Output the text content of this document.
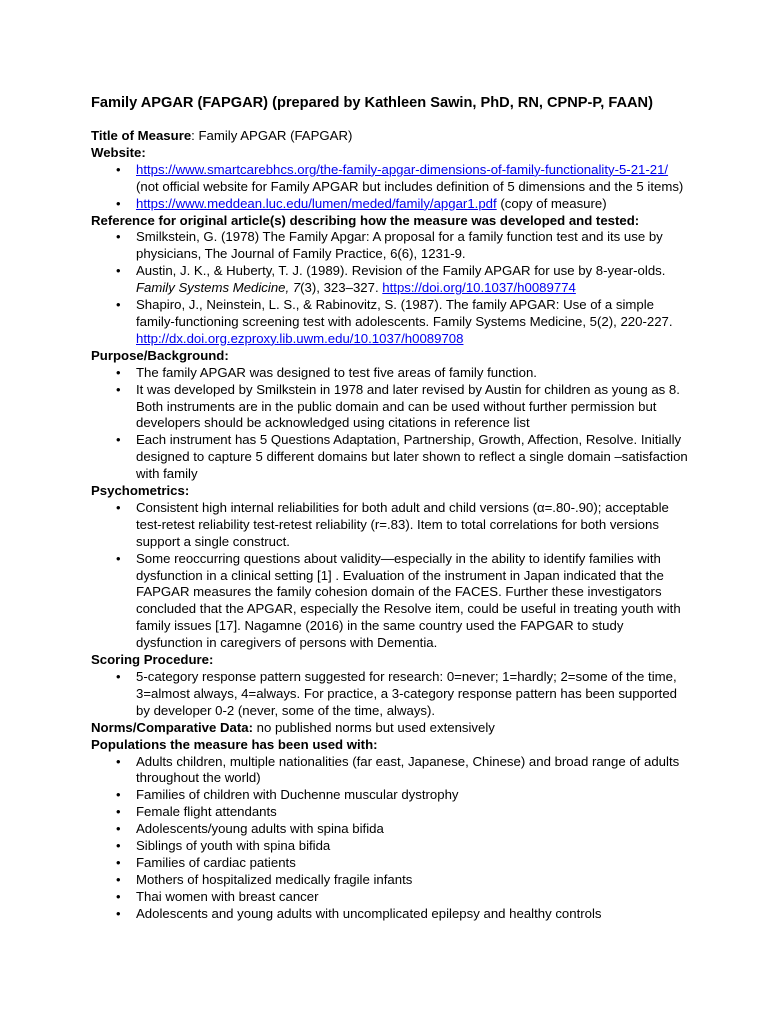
Family APGAR (FAPGAR) (prepared by Kathleen Sawin, PhD, RN, CPNP-P, FAAN)

Title of Measure: Family APGAR (FAPGAR)

Website:

• https://www.smartcarebhcs.org/the-family-apgar-dimensions-of-family-functionality-5-21-21/ (not official website for Family APGAR but includes definition of 5 dimensions and the 5 items)
• https://www.meddean.luc.edu/lumen/meded/family/apgar1.pdf (copy of measure)

Reference for original article(s) describing how the measure was developed and tested:

• Smilkstein, G. (1978) The Family Apgar: A proposal for a family function test and its use by physicians, The Journal of Family Practice, 6(6), 1231-9.
• Austin, J. K., & Huberty, T. J. (1989). Revision of the Family APGAR for use by 8-year-olds. Family Systems Medicine, 7(3), 323–327. https://doi.org/10.1037/h0089774
• Shapiro, J., Neinstein, L. S., & Rabinovitz, S. (1987). The family APGAR: Use of a simple family-functioning screening test with adolescents. Family Systems Medicine, 5(2), 220-227. http://dx.doi.org.ezproxy.lib.uwm.edu/10.1037/h0089708

Purpose/Background:

• The family APGAR was designed to test five areas of family function.
• It was developed by Smilkstein in 1978 and later revised by Austin for children as young as 8. Both instruments are in the public domain and can be used without further permission but developers should be acknowledged using citations in reference list
• Each instrument has 5 Questions Adaptation, Partnership, Growth, Affection, Resolve. Initially designed to capture 5 different domains but later shown to reflect a single domain –satisfaction with family

Psychometrics:

• Consistent high internal reliabilities for both adult and child versions (α=.80-.90); acceptable test-retest reliability test-retest reliability (r=.83). Item to total correlations for both versions support a single construct.
• Some reoccurring questions about validity—especially in the ability to identify families with dysfunction in a clinical setting [1] . Evaluation of the instrument in Japan indicated that the FAPGAR measures the family cohesion domain of the FACES. Further these investigators concluded that the APGAR, especially the Resolve item, could be useful in treating youth with family issues [17]. Nagamne (2016) in the same country used the FAPGAR to study dysfunction in caregivers of persons with Dementia.

Scoring Procedure:

• 5-category response pattern suggested for research: 0=never; 1=hardly; 2=some of the time, 3=almost always, 4=always. For practice, a 3-category response pattern has been supported by developer 0-2 (never, some of the time, always).

Norms/Comparative Data: no published norms but used extensively

Populations the measure has been used with:

• Adults children, multiple nationalities (far east, Japanese, Chinese) and broad range of adults throughout the world)
• Families of children with Duchenne muscular dystrophy
• Female flight attendants
• Adolescents/young adults with spina bifida
• Siblings of youth with spina bifida
• Families of cardiac patients
• Mothers of hospitalized medically fragile infants
• Thai women with breast cancer
• Adolescents and young adults with uncomplicated epilepsy and healthy controls
